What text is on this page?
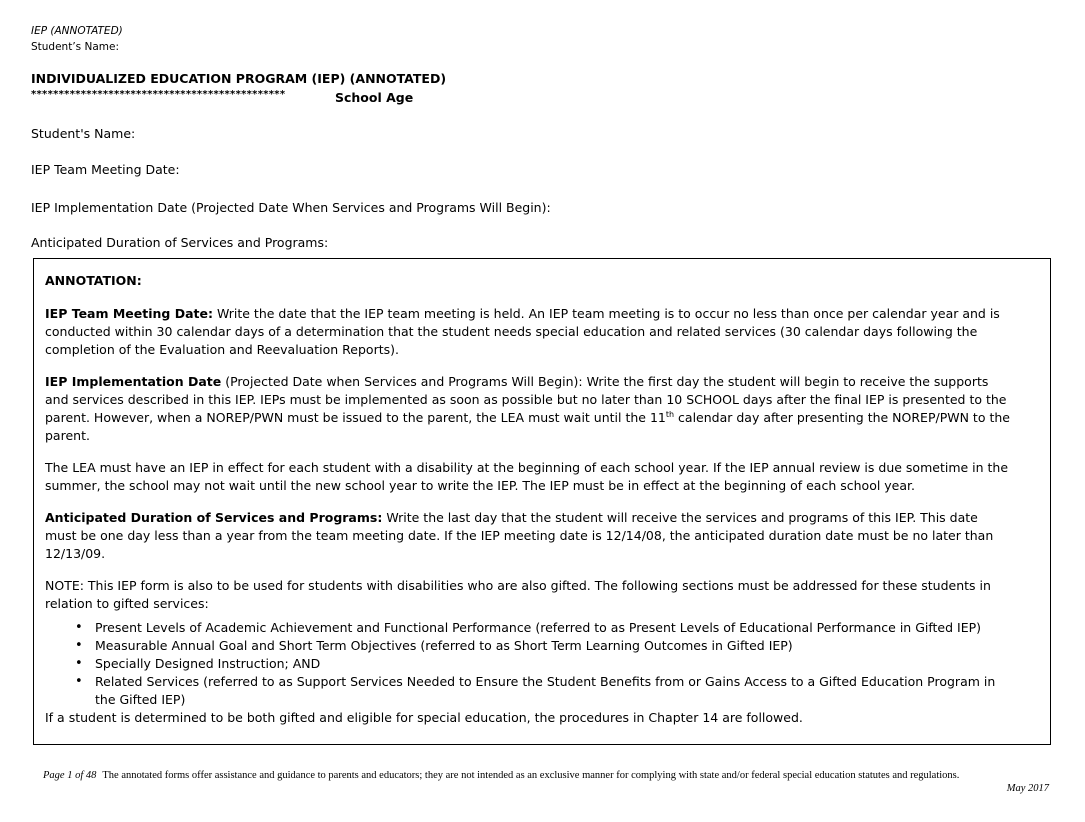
IEP (ANNOTATED)
Student’s Name:
INDIVIDUALIZED EDUCATION PROGRAM (IEP) (ANNOTATED)
**********************************************	School Age
Student's Name:
IEP Team Meeting Date:
IEP Implementation Date (Projected Date When Services and Programs Will Begin):
Anticipated Duration of Services and Programs:

ANNOTATION:

IEP Team Meeting Date: Write the date that the IEP team meeting is held. An IEP team meeting is to occur no less than once per calendar year and is conducted within 30 calendar days of a determination that the student needs special education and related services (30 calendar days following the completion of the Evaluation and Reevaluation Reports).

IEP Implementation Date (Projected Date when Services and Programs Will Begin): Write the first day the student will begin to receive the supports and services described in this IEP. IEPs must be implemented as soon as possible but no later than 10 SCHOOL days after the final IEP is presented to the parent. However, when a NOREP/PWN must be issued to the parent, the LEA must wait until the 11th calendar day after presenting the NOREP/PWN to the parent.

The LEA must have an IEP in effect for each student with a disability at the beginning of each school year. If the IEP annual review is due sometime in the summer, the school may not wait until the new school year to write the IEP. The IEP must be in effect at the beginning of each school year.

Anticipated Duration of Services and Programs: Write the last day that the student will receive the services and programs of this IEP. This date must be one day less than a year from the team meeting date. If the IEP meeting date is 12/14/08, the anticipated duration date must be no later than 12/13/09.

NOTE: This IEP form is also to be used for students with disabilities who are also gifted. The following sections must be addressed for these students in relation to gifted services:

• Present Levels of Academic Achievement and Functional Performance (referred to as Present Levels of Educational Performance in Gifted IEP)
• Measurable Annual Goal and Short Term Objectives (referred to as Short Term Learning Outcomes in Gifted IEP)
• Specially Designed Instruction; AND
• Related Services (referred to as Support Services Needed to Ensure the Student Benefits from or Gains Access to a Gifted Education Program in the Gifted IEP)

If a student is determined to be both gifted and eligible for special education, the procedures in Chapter 14 are followed.

Page 1 of 48 The annotated forms offer assistance and guidance to parents and educators; they are not intended as an exclusive manner for complying with state and/or federal special education statutes and regulations.
May 2017
